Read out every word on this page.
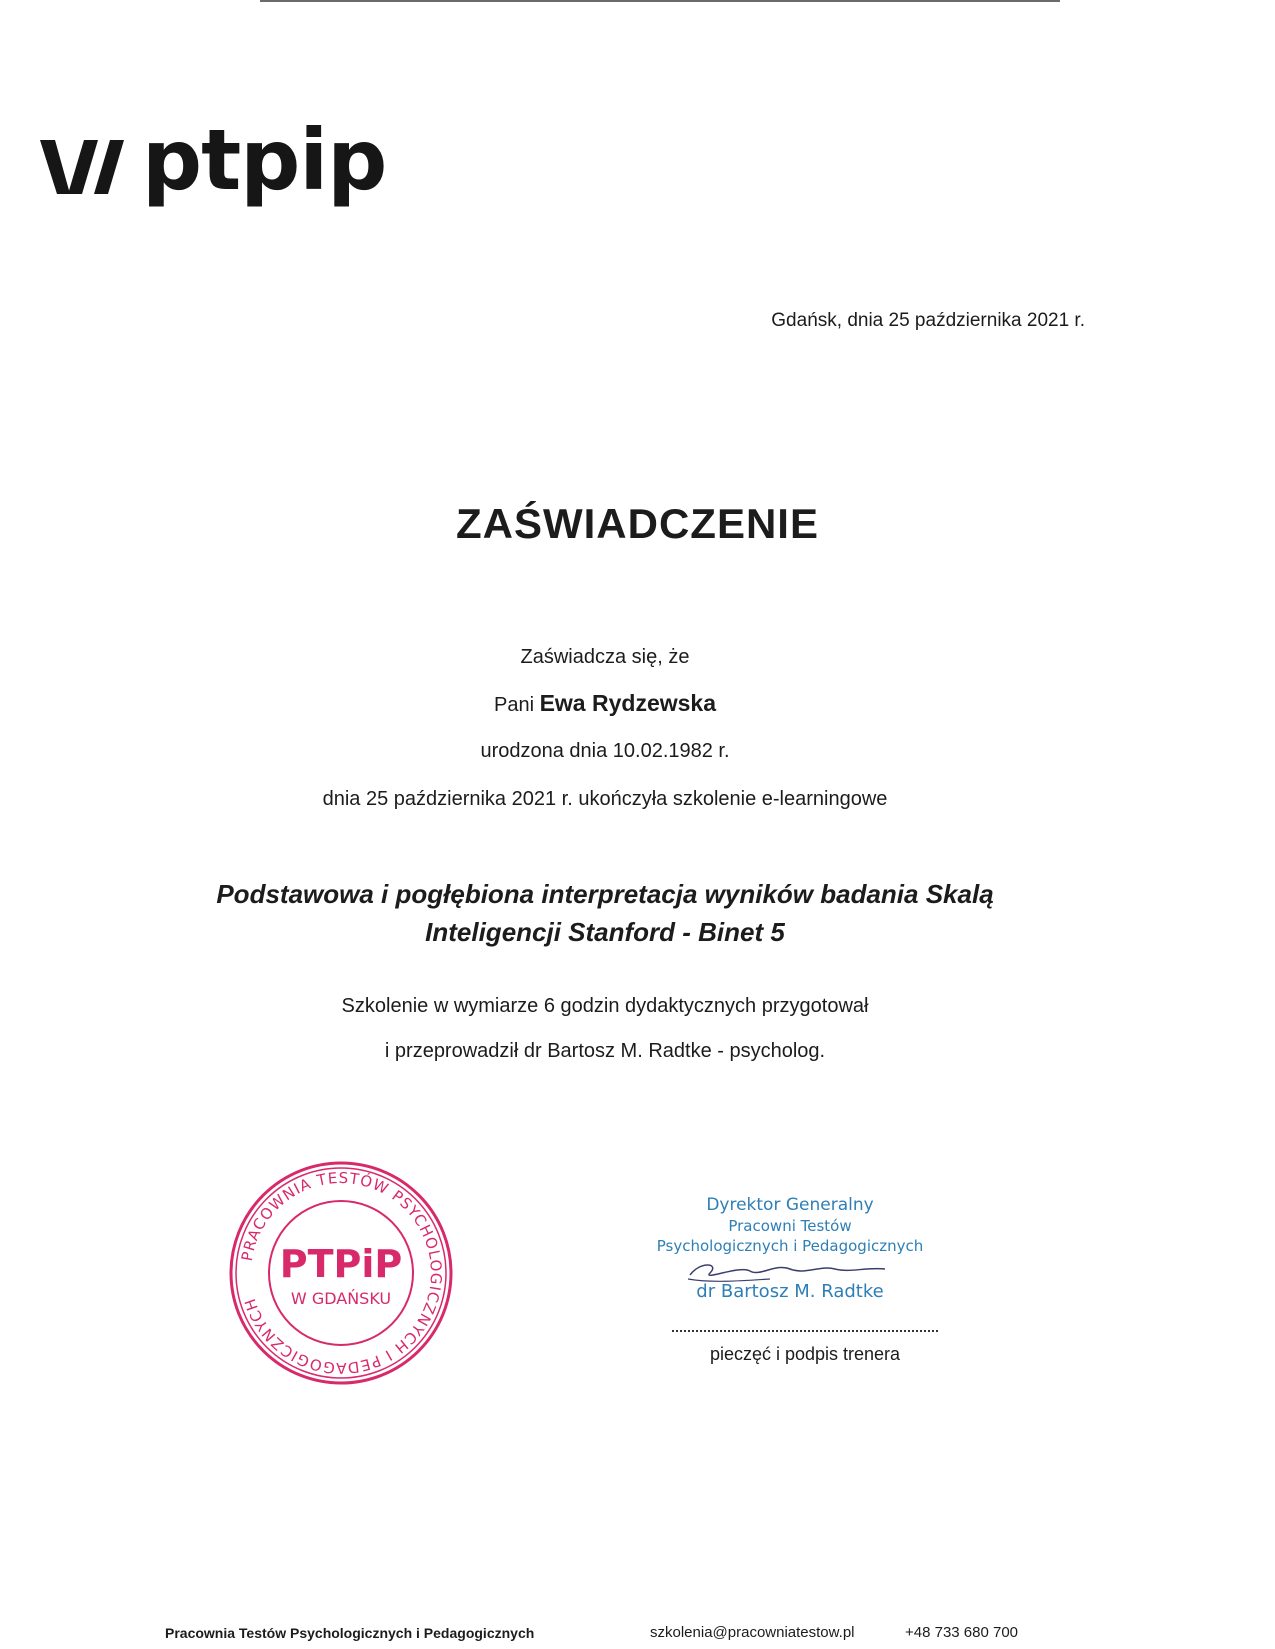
ptpip
Gdańsk, dnia 25 października 2021 r.
ZAŚWIADCZENIE
Zaświadcza się, że
Pani Ewa Rydzewska
urodzona dnia 10.02.1982 r.
dnia 25 października 2021 r. ukończyła szkolenie e-learningowe
Podstawowa i pogłębiona interpretacja wyników badania Skalą
Inteligencji Stanford - Binet 5
Szkolenie w wymiarze 6 godzin dydaktycznych przygotował
i przeprowadził dr Bartosz M. Radtke - psycholog.
PRACOWNIA TESTÓW PSYCHOLOGICZNYCH I PEDAGOGICZNYCH
PTPiP
W GDAŃSKU
Dyrektor Generalny
Pracowni Testów
Psychologicznych i Pedagogicznych
dr Bartosz M. Radtke
pieczęć i podpis trenera
Pracownia Testów Psychologicznych i Pedagogicznych	szkolenia@pracowniatestow.pl	+48 733 680 700
